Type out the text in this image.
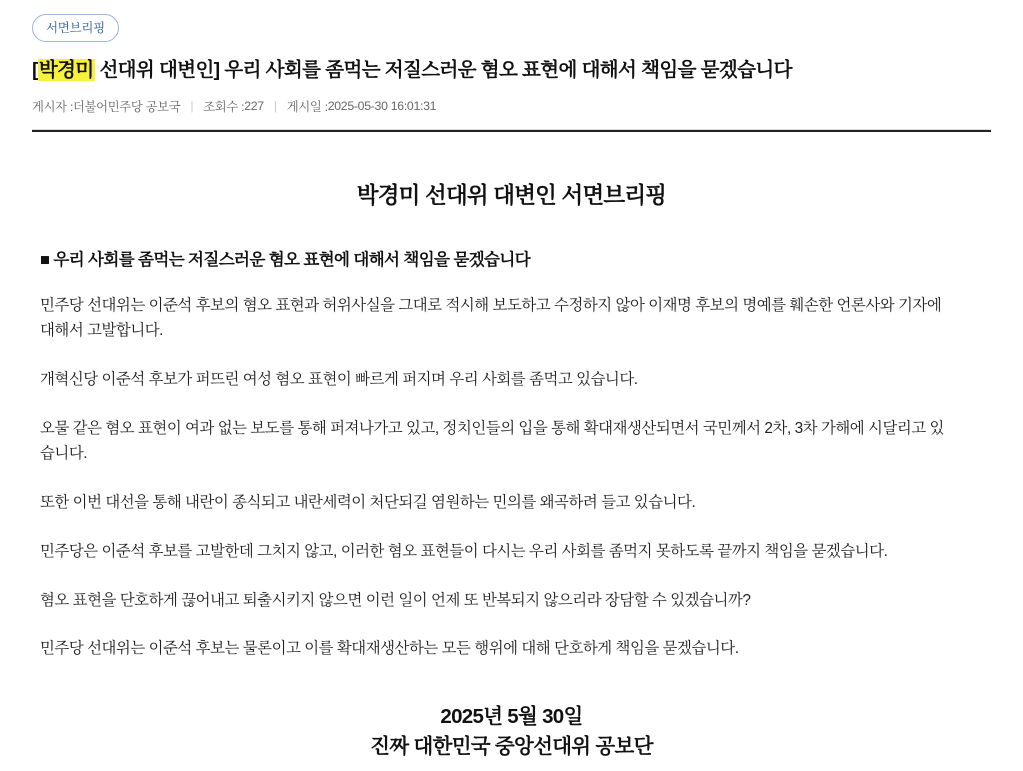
서면브리핑
[박경미 선대위 대변인] 우리 사회를 좀먹는 저질스러운 혐오 표현에 대해서 책임을 묻겠습니다
게시자 : 더불어민주당 공보국 | 조회수 : 227 | 게시일 : 2025-05-30 16:01:31
박경미 선대위 대변인 서면브리핑
■ 우리 사회를 좀먹는 저질스러운 혐오 표현에 대해서 책임을 묻겠습니다

민주당 선대위는 이준석 후보의 혐오 표현과 허위사실을 그대로 적시해 보도하고 수정하지 않아 이재명 후보의 명예를 훼손한 언론사와 기자에 대해서 고발합니다.

개혁신당 이준석 후보가 퍼뜨린 여성 혐오 표현이 빠르게 퍼지며 우리 사회를 좀먹고 있습니다.

오물 같은 혐오 표현이 여과 없는 보도를 통해 퍼져나가고 있고, 정치인들의 입을 통해 확대재생산되면서 국민께서 2차, 3차 가해에 시달리고 있습니다.

또한 이번 대선을 통해 내란이 종식되고 내란세력이 처단되길 염원하는 민의를 왜곡하려 들고 있습니다.

민주당은 이준석 후보를 고발한데 그치지 않고, 이러한 혐오 표현들이 다시는 우리 사회를 좀먹지 못하도록 끝까지 책임을 묻겠습니다.

혐오 표현을 단호하게 끊어내고 퇴출시키지 않으면 이런 일이 언제 또 반복되지 않으리라 장담할 수 있겠습니까?

민주당 선대위는 이준석 후보는 물론이고 이를 확대재생산하는 모든 행위에 대해 단호하게 책임을 묻겠습니다.

2025년 5월 30일
진짜 대한민국 중앙선대위 공보단
